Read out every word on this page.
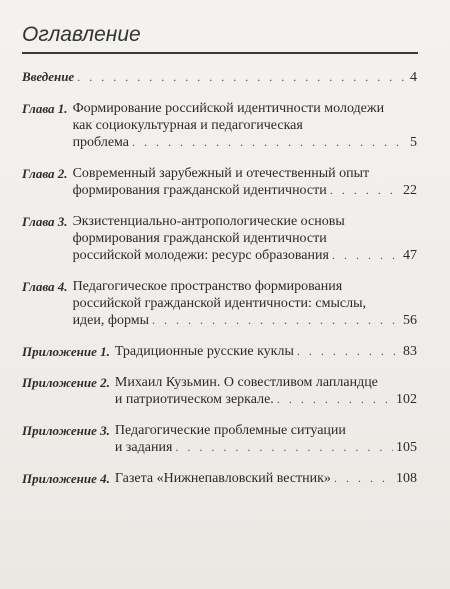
Оглавление
Введение . . .	4
Глава 1. Формирование российской идентичности молодежи
как социокультурная и педагогическая
проблема . . .	5
Глава 2. Современный зарубежный и отечественный опыт
формирования гражданской идентичности . . .	22
Глава 3. Экзистенциально-антропологические основы
формирования гражданской идентичности
российской молодежи: ресурс образования . . .	47
Глава 4. Педагогическое пространство формирования
российской гражданской идентичности: смыслы,
идеи, формы . . .	56
Приложение 1. Традиционные русские куклы . . .	83
Приложение 2. Михаил Кузьмин. О совестливом лапландце
и патриотическом зеркале. . . .	102
Приложение 3. Педагогические проблемные ситуации
и задания . . .	105
Приложение 4. Газета «Нижнепавловский вестник» . . .	108
